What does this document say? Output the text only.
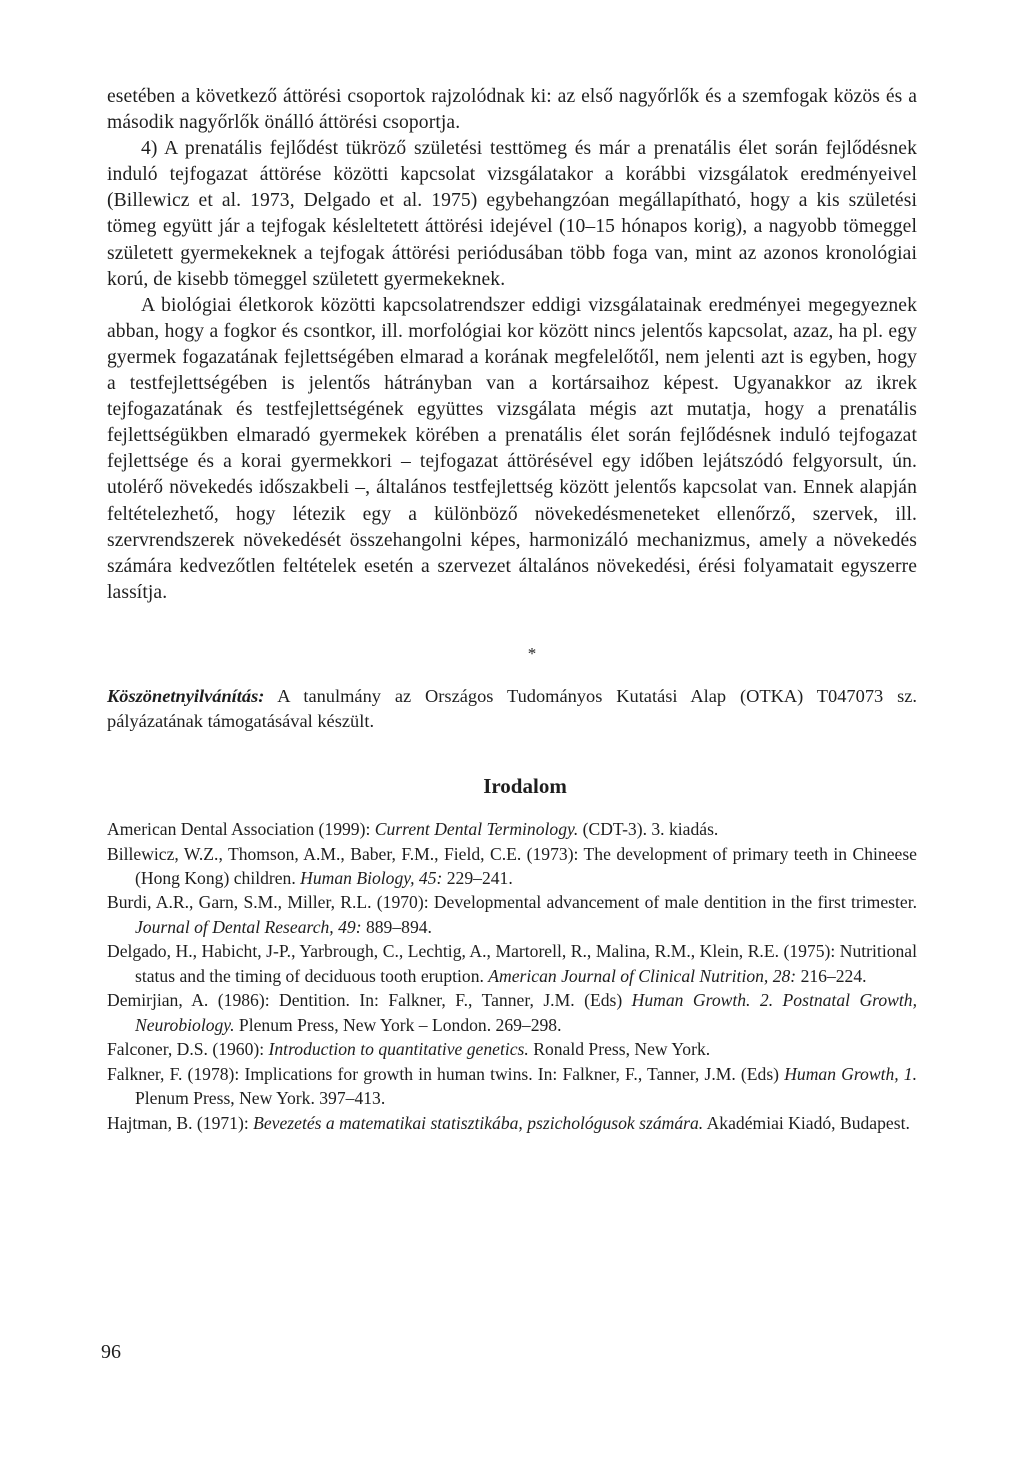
esetében a következő áttörési csoportok rajzolódnak ki: az első nagyőrlők és a szemfogak közös és a második nagyőrlők önálló áttörési csoportja.

4) A prenatális fejlődést tükröző születési testtömeg és már a prenatális élet során fejlődésnek induló tejfogazat áttörése közötti kapcsolat vizsgálatakor a korábbi vizsgálatok eredményeivel (Billewicz et al. 1973, Delgado et al. 1975) egybehangzóan megállapítható, hogy a kis születési tömeg együtt jár a tejfogak késleltetett áttörési idejével (10–15 hónapos korig), a nagyobb tömeggel született gyermekeknek a tejfogak áttörési periódusában több foga van, mint az azonos kronológiai korú, de kisebb tömeggel született gyermekeknek.

A biológiai életkorok közötti kapcsolatrendszer eddigi vizsgálatainak eredményei megegyeznek abban, hogy a fogkor és csontkor, ill. morfológiai kor között nincs jelentős kapcsolat, azaz, ha pl. egy gyermek fogazatának fejlettségében elmarad a korának megfelelőtől, nem jelenti azt is egyben, hogy a testfejlettségében is jelentős hátrányban van a kortársaihoz képest. Ugyanakkor az ikrek tejfogazatának és testfejlettségének együttes vizsgálata mégis azt mutatja, hogy a prenatális fejlettségükben elmaradó gyermekek körében a prenatális élet során fejlődésnek induló tejfogazat fejlettsége és a korai gyermekkori – tejfogazat áttörésével egy időben lejátszódó felgyorsult, ún. utolérő növekedés időszakbeli –, általános testfejlettség között jelentős kapcsolat van. Ennek alapján feltételezhető, hogy létezik egy a különböző növekedésmeneteket ellenőrző, szervek, ill. szervrendszerek növekedését összehangolni képes, harmonizáló mechanizmus, amely a növekedés számára kedvezőtlen feltételek esetén a szervezet általános növekedési, érési folyamatait egyszerre lassítja.

*

Köszönetnyilvánítás: A tanulmány az Országos Tudományos Kutatási Alap (OTKA) T047073 sz. pályázatának támogatásával készült.

Irodalom
American Dental Association (1999): Current Dental Terminology. (CDT-3). 3. kiadás.
Billewicz, W.Z., Thomson, A.M., Baber, F.M., Field, C.E. (1973): The development of primary teeth in Chineese (Hong Kong) children. Human Biology, 45: 229–241.
Burdi, A.R., Garn, S.M., Miller, R.L. (1970): Developmental advancement of male dentition in the first trimester. Journal of Dental Research, 49: 889–894.
Delgado, H., Habicht, J-P., Yarbrough, C., Lechtig, A., Martorell, R., Malina, R.M., Klein, R.E. (1975): Nutritional status and the timing of deciduous tooth eruption. American Journal of Clinical Nutrition, 28: 216–224.
Demirjian, A. (1986): Dentition. In: Falkner, F., Tanner, J.M. (Eds) Human Growth. 2. Postnatal Growth, Neurobiology. Plenum Press, New York – London. 269–298.
Falconer, D.S. (1960): Introduction to quantitative genetics. Ronald Press, New York.
Falkner, F. (1978): Implications for growth in human twins. In: Falkner, F., Tanner, J.M. (Eds) Human Growth, 1. Plenum Press, New York. 397–413.
Hajtman, B. (1971): Bevezetés a matematikai statisztikába, pszichológusok számára. Akadémiai Kiadó, Budapest.
96
